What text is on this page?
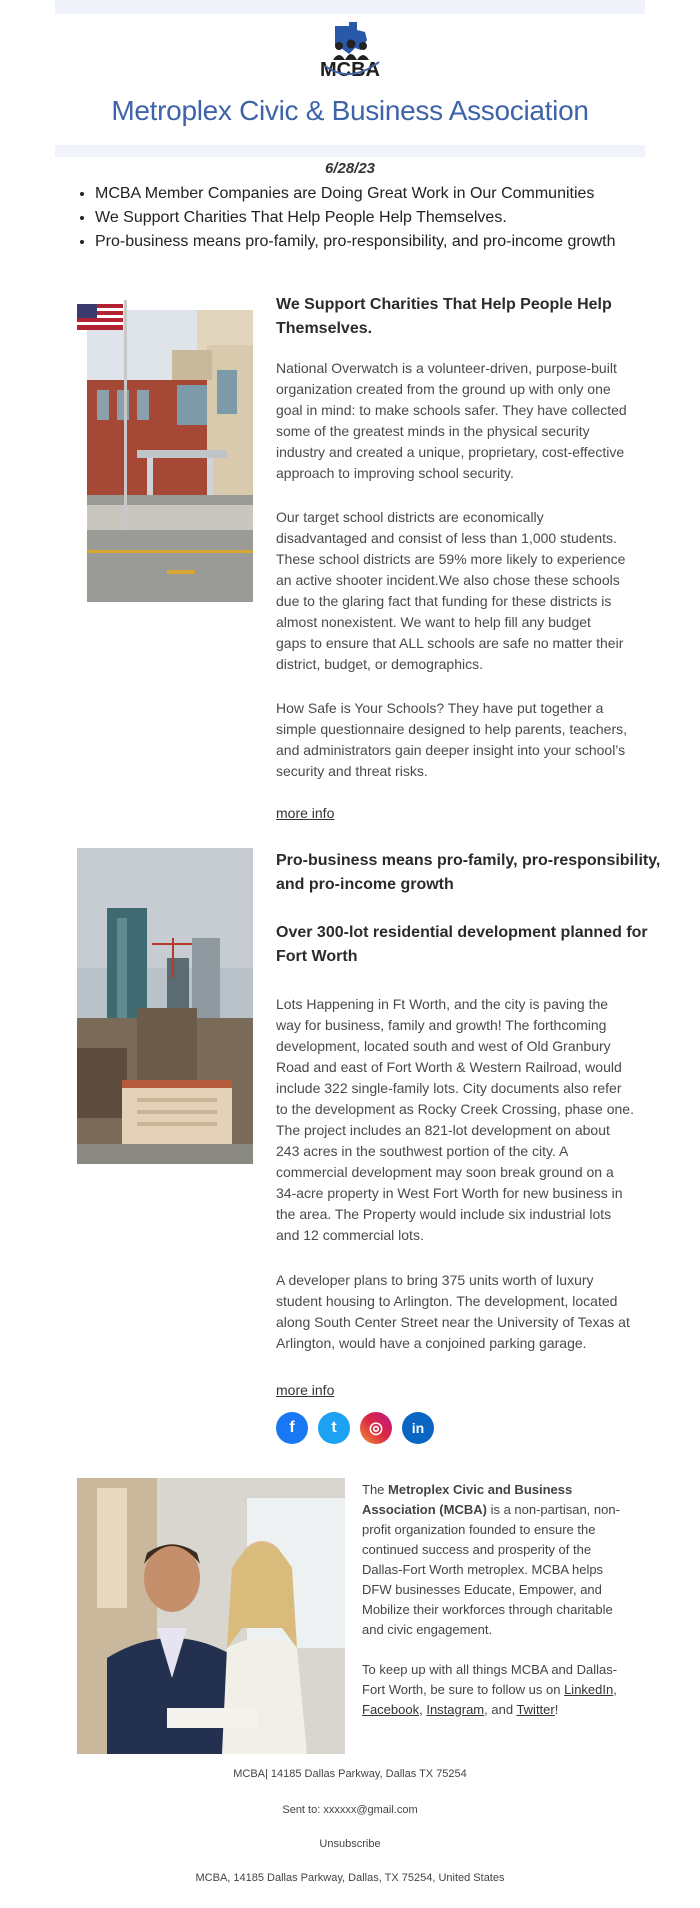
MCBA
Metroplex Civic & Business Association
6/28/23
• MCBA Member Companies are Doing Great Work in Our Communities
• We Support Charities That Help People Help Themselves.
• Pro-business means pro-family, pro-responsibility, and pro-income growth
We Support Charities That Help People Help
Themselves.
National Overwatch is a volunteer-driven, purpose-built
organization created from the ground up with only one
goal in mind: to make schools safer. They have collected
some of the greatest minds in the physical security
industry and created a unique, proprietary, cost-effective
approach to improving school security.
Our target school districts are economically
disadvantaged and consist of less than 1,000 students.
These school districts are 59% more likely to experience
an active shooter incident.We also chose these schools
due to the glaring fact that funding for these districts is
almost nonexistent. We want to help fill any budget
gaps to ensure that ALL schools are safe no matter their
district, budget, or demographics.
How Safe is Your Schools? They have put together a
simple questionnaire designed to help parents, teachers,
and administrators gain deeper insight into your school’s
security and threat risks.
more info
Pro-business means pro-family, pro-responsibility,
and pro-income growth
Over 300-lot residential development planned for
Fort Worth
Lots Happening in Ft Worth, and the city is paving the
way for business, family and growth! The forthcoming
development, located south and west of Old Granbury
Road and east of Fort Worth & Western Railroad, would
include 322 single-family lots. City documents also refer
to the development as Rocky Creek Crossing, phase one.
The project includes an 821-lot development on about
243 acres in the southwest portion of the city. A
commercial development may soon break ground on a
34-acre property in West Fort Worth for new business in
the area. The Property would include six industrial lots
and 12 commercial lots.
A developer plans to bring 375 units worth of luxury
student housing to Arlington. The development, located
along South Center Street near the University of Texas at
Arlington, would have a conjoined parking garage.
more info
f	t	◎	in
The Metroplex Civic and Business
Association (MCBA) is a non-partisan, non-
profit organization founded to ensure the
continued success and prosperity of the
Dallas-Fort Worth metroplex. MCBA helps
DFW businesses Educate, Empower, and
Mobilize their workforces through charitable
and civic engagement.
To keep up with all things MCBA and Dallas-
Fort Worth, be sure to follow us on LinkedIn,
Facebook, Instagram, and Twitter!
MCBA| 14185 Dallas Parkway, Dallas TX 75254
Sent to: xxxxxx@gmail.com
Unsubscribe
MCBA, 14185 Dallas Parkway, Dallas, TX 75254, United States
